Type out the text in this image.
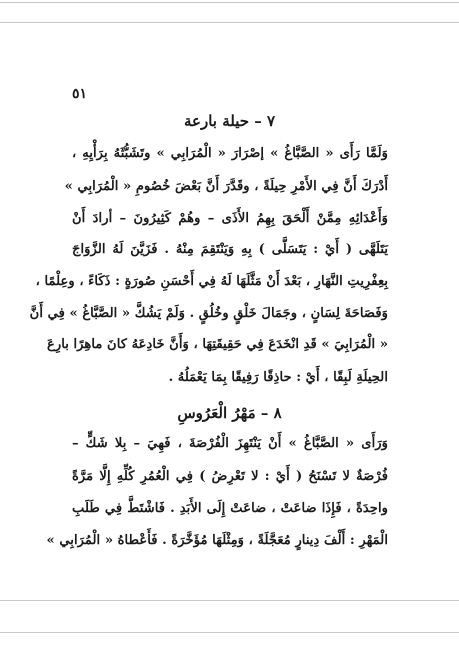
٥١
٧ – حيلة بارعة
وَلَمَّا رَأَى « الصَّبَّاغُ » إصْرَارَ « الْمُرَابِي » وتَشَبُّثَهُ بِرَأْيِهِ ،
أَدْرَكَ أَنَّ فِي الأَمْرِ حِيلَةً ، وقَدَّرَ أَنَّ بَعْضَ خُصُومِ « الْمُرَابِي »
وَأَعْدَائِهِ مِمَّنْ أَلْحَقَ بِهِمُ الأَذَى – وهُمْ كَثِيرُونَ – أرادَ أَنْ
يَتَلَهَّى ( أَيْ : يَتَسَلَّى ) بِهِ وَيَنْتَقِمَ مِنْهُ . فَزَيَّنَ لَهُ الزَّوَاجَ
بِعِفْرِيتِ النَّهَارِ ، بَعْدَ أَنْ مَثَّلَهَا لَهُ فِي أَحْسَنِ صُورَةٍ : ذَكَاءً ، وعِلْمًا ،
وَفَصَاحَةَ لِسَانٍ ، وجَمَالَ خَلْقٍ وخُلُقٍ . وَلَمْ يَشُكَّ « الصَّبَّاغُ » فِي أَنَّ
« الْمُرَابِيَ » قَدِ انْخَدَعَ فِي حَقِيقَتِهَا ، وَأَنَّ خَادِعَهُ كانَ ماهِرًا بارِعَ
الحِيلَةِ لَبِقًا ، أَيْ : حاذِقًا رَفِيقًا بِمَا يَعْمَلُهُ .
٨ – مَهْرُ الْعَرُوسِ
وَرَأَى « الصَّبَّاغُ » أَنْ يَنْتَهِزَ الْفُرْصَةَ ، فَهِيَ – بِلا شَكٍّ –
فُرْصَةٌ لا تَسْنَحُ ( أَيْ : لا تَعْرِضُ ) فِي الْعُمُرِ كُلِّهِ إِلَّا مَرَّةً
واحِدَةً ، فَإِذَا ضاعَتْ ، ضاعَتْ إِلَى الأَبَدِ . فَاشْتَطَّ فِي طَلَبِ
الْمَهْرِ : أَلْفَ دِينارٍ مُعَجَّلَةً ، وَمِثْلَهَا مُؤَخَّرَةً . فَأَعْطاهُ « الْمُرَابِي »
